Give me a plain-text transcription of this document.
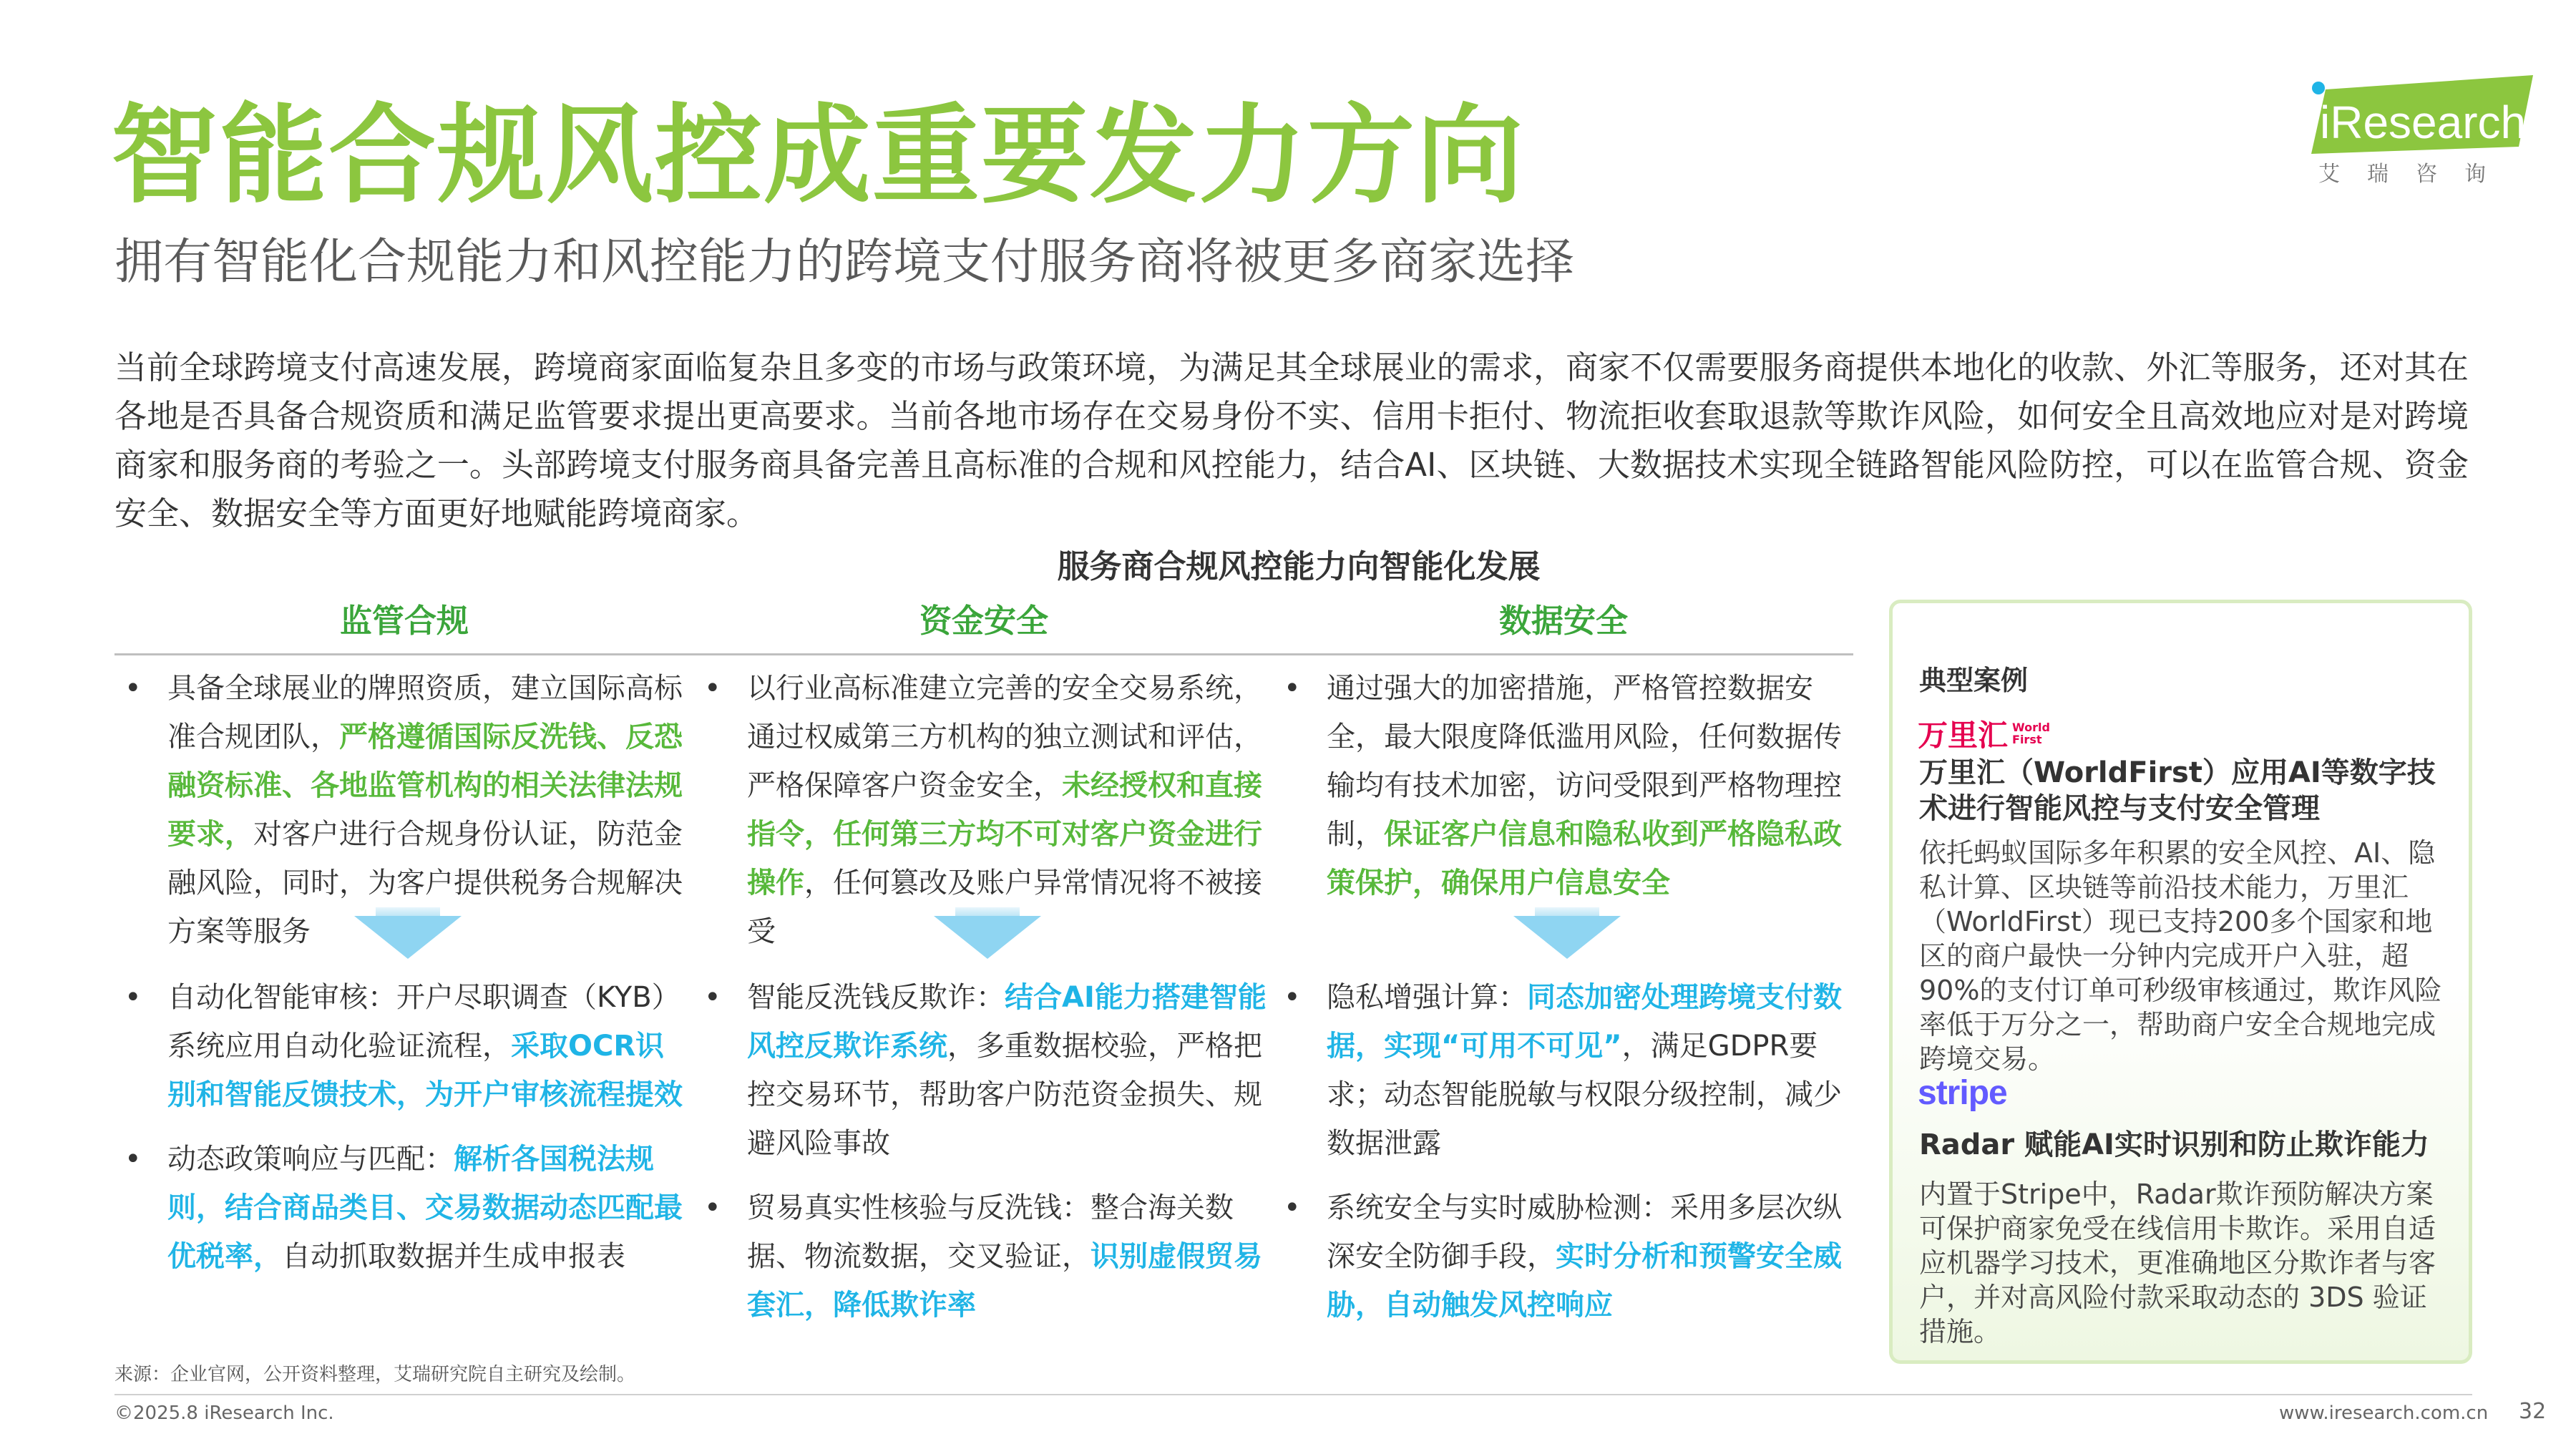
智能合规风控成重要发力方向
拥有智能化合规能力和风控能力的跨境支付服务商将被更多商家选择
iResearch
艾瑞咨询
当前全球跨境支付高速发展，跨境商家面临复杂且多变的市场与政策环境，为满足其全球展业的需求，商家不仅需要服务商提供本地化的收款、外汇等服务，还对其在各地是否具备合规资质和满足监管要求提出更高要求。当前各地市场存在交易身份不实、信用卡拒付、物流拒收套取退款等欺诈风险，如何安全且高效地应对是对跨境商家和服务商的考验之一。头部跨境支付服务商具备完善且高标准的合规和风控能力，结合AI、区块链、大数据技术实现全链路智能风险防控，可以在监管合规、资金安全、数据安全等方面更好地赋能跨境商家。
服务商合规风控能力向智能化发展
监管合规	资金安全	数据安全
• 具备全球展业的牌照资质，建立国际高标准合规团队，严格遵循国际反洗钱、反恐融资标准、各地监管机构的相关法律法规要求，对客户进行合规身份认证，防范金融风险，同时，为客户提供税务合规解决方案等服务
• 以行业高标准建立完善的安全交易系统，通过权威第三方机构的独立测试和评估，严格保障客户资金安全，未经授权和直接指令，任何第三方均不可对客户资金进行操作，任何篡改及账户异常情况将不被接受
• 通过强大的加密措施，严格管控数据安全，最大限度降低滥用风险，任何数据传输均有技术加密，访问受限到严格物理控制，保证客户信息和隐私收到严格隐私政策保护，确保用户信息安全
• 自动化智能审核：开户尽职调查（KYB）系统应用自动化验证流程，采取OCR识别和智能反馈技术，为开户审核流程提效
• 动态政策响应与匹配：解析各国税法规则，结合商品类目、交易数据动态匹配最优税率，自动抓取数据并生成申报表
• 智能反洗钱反欺诈：结合AI能力搭建智能风控反欺诈系统，多重数据校验，严格把控交易环节，帮助客户防范资金损失、规避风险事故
• 贸易真实性核验与反洗钱：整合海关数据、物流数据，交叉验证，识别虚假贸易套汇，降低欺诈率
• 隐私增强计算：同态加密处理跨境支付数据，实现“可用不可见”，满足GDPR要求；动态智能脱敏与权限分级控制，减少数据泄露
• 系统安全与实时威胁检测：采用多层次纵深安全防御手段，实时分析和预警安全威胁，自动触发风控响应
典型案例
万里汇 World
First
万里汇（WorldFirst）应用AI等数字技术进行智能风控与支付安全管理
依托蚂蚁国际多年积累的安全风控、AI、隐私计算、区块链等前沿技术能力，万里汇（WorldFirst）现已支持200多个国家和地区的商户最快一分钟内完成开户入驻，超90%的支付订单可秒级审核通过，欺诈风险率低于万分之一，帮助商户安全合规地完成跨境交易。
stripe
Radar 赋能AI实时识别和防止欺诈能力
内置于Stripe中，Radar欺诈预防解决方案可保护商家免受在线信用卡欺诈。采用自适应机器学习技术，更准确地区分欺诈者与客户，并对高风险付款采取动态的 3DS 验证措施。
来源：企业官网，公开资料整理，艾瑞研究院自主研究及绘制。
©2025.8 iResearch Inc.	www.iresearch.com.cn 32
